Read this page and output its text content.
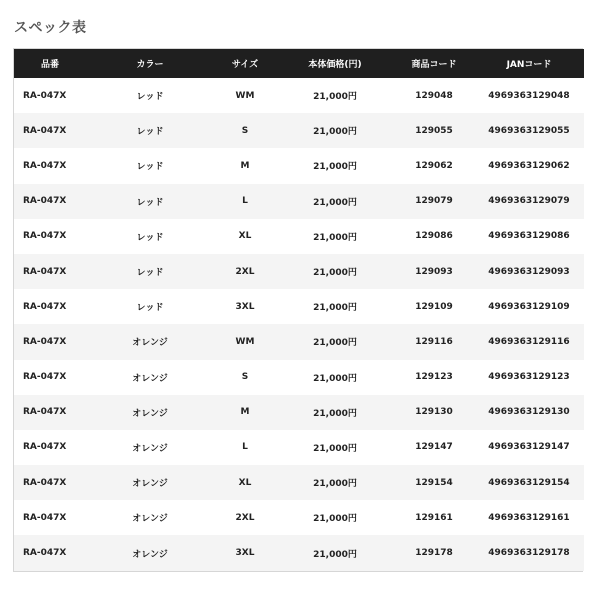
スペック表
品番	カラー	サイズ	本体価格(円)	商品コード	JANコード
RA-047X	レッド	WM	21,000円	129048	4969363129048
RA-047X	レッド	S	21,000円	129055	4969363129055
RA-047X	レッド	M	21,000円	129062	4969363129062
RA-047X	レッド	L	21,000円	129079	4969363129079
RA-047X	レッド	XL	21,000円	129086	4969363129086
RA-047X	レッド	2XL	21,000円	129093	4969363129093
RA-047X	レッド	3XL	21,000円	129109	4969363129109
RA-047X	オレンジ	WM	21,000円	129116	4969363129116
RA-047X	オレンジ	S	21,000円	129123	4969363129123
RA-047X	オレンジ	M	21,000円	129130	4969363129130
RA-047X	オレンジ	L	21,000円	129147	4969363129147
RA-047X	オレンジ	XL	21,000円	129154	4969363129154
RA-047X	オレンジ	2XL	21,000円	129161	4969363129161
RA-047X	オレンジ	3XL	21,000円	129178	4969363129178
